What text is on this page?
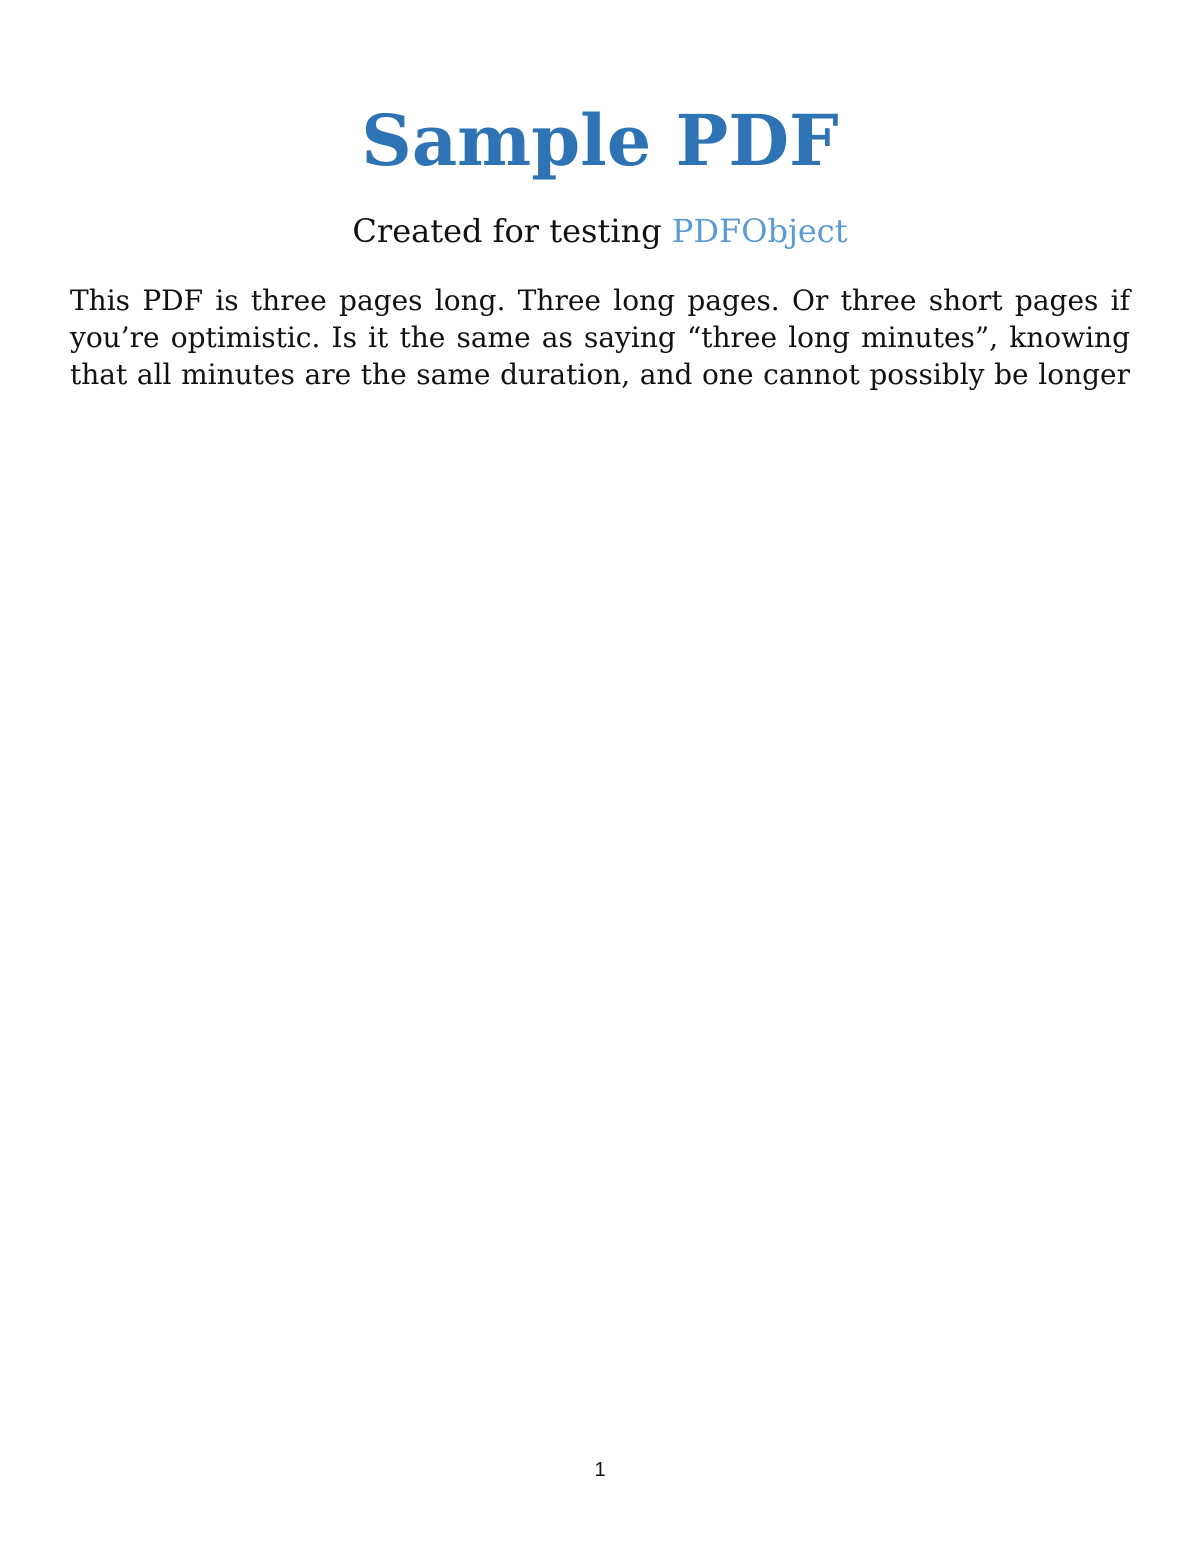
Sample PDF

Created for testing PDFObject

This PDF is three pages long. Three long pages. Or three short pages if
you’re optimistic. Is it the same as saying “three long minutes”, knowing
that all minutes are the same duration, and one cannot possibly be longer
1
